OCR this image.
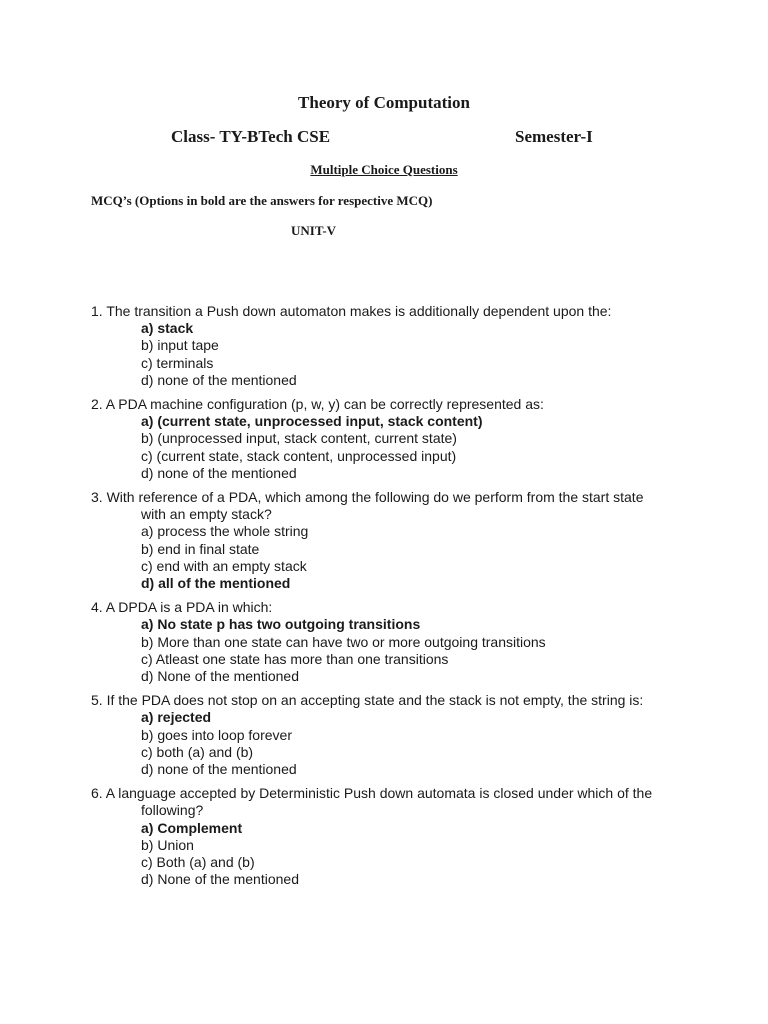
Theory of Computation
Class- TY-BTech CSE	Semester-I
Multiple Choice Questions
MCQ’s (Options in bold are the answers for respective MCQ)
UNIT-V
1. The transition a Push down automaton makes is additionally dependent upon the:
a) stack
b) input tape
c) terminals
d) none of the mentioned
2. A PDA machine configuration (p, w, y) can be correctly represented as:
a) (current state, unprocessed input, stack content)
b) (unprocessed input, stack content, current state)
c) (current state, stack content, unprocessed input)
d) none of the mentioned
3. With reference of a PDA, which among the following do we perform from the start state
with an empty stack?
a) process the whole string
b) end in final state
c) end with an empty stack
d) all of the mentioned
4. A DPDA is a PDA in which:
a) No state p has two outgoing transitions
b) More than one state can have two or more outgoing transitions
c) Atleast one state has more than one transitions
d) None of the mentioned
5. If the PDA does not stop on an accepting state and the stack is not empty, the string is:
a) rejected
b) goes into loop forever
c) both (a) and (b)
d) none of the mentioned
6. A language accepted by Deterministic Push down automata is closed under which of the
following?
a) Complement
b) Union
c) Both (a) and (b)
d) None of the mentioned
